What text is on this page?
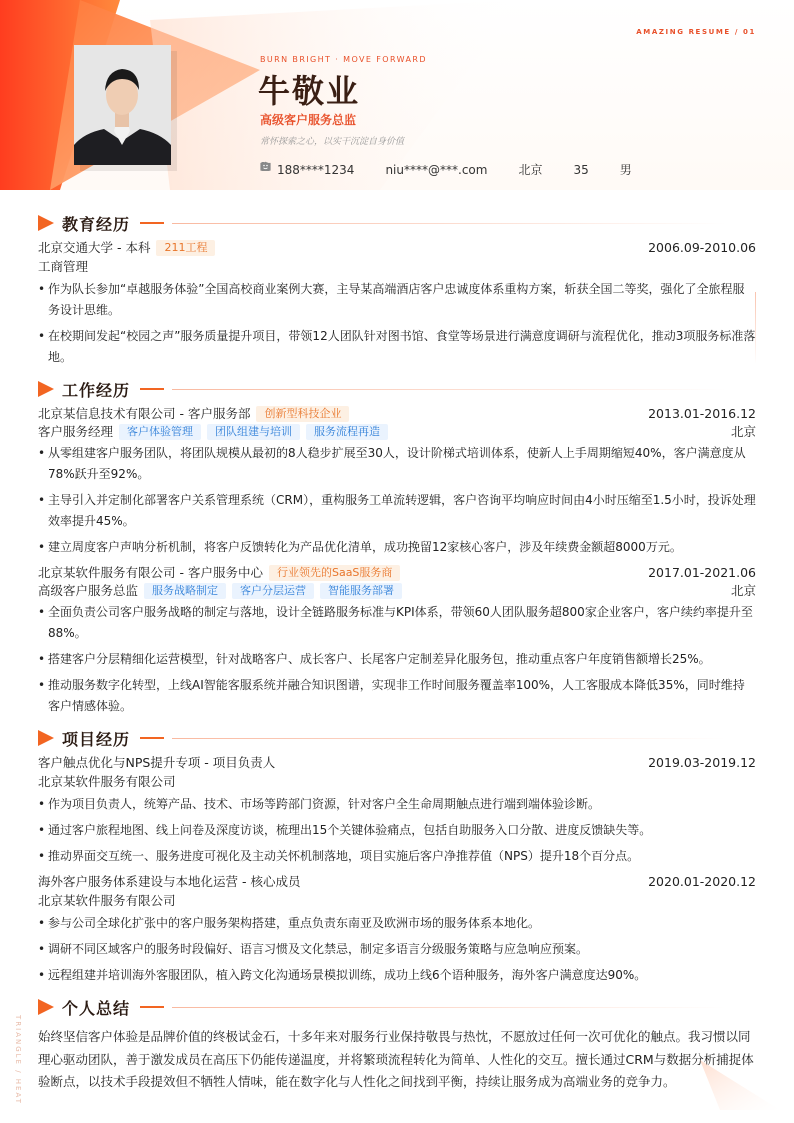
AMAZING RESUME / 01
BURN BRIGHT · MOVE FORWARD
牛敬业
高级客户服务总监
常怀探索之心，以实干沉淀自身价值
188****1234	niu****@***.com	北京	35	男
教育经历
北京交通大学 - 本科	211工程	2006.09-2010.06
工商管理
• 作为队长参加“卓越服务体验”全国高校商业案例大赛，主导某高端酒店客户忠诚度体系重构方案，斩获全国二等奖，强化了全旅程服务设计思维。
• 在校期间发起“校园之声”服务质量提升项目，带领12人团队针对图书馆、食堂等场景进行满意度调研与流程优化，推动3项服务标准落地。
工作经历
北京某信息技术有限公司 - 客户服务部	创新型科技企业	2013.01-2016.12
客户服务经理	客户体验管理	团队组建与培训	服务流程再造	北京
• 从零组建客户服务团队，将团队规模从最初的8人稳步扩展至30人，设计阶梯式培训体系，使新人上手周期缩短40%，客户满意度从78%跃升至92%。
• 主导引入并定制化部署客户关系管理系统（CRM），重构服务工单流转逻辑，客户咨询平均响应时间由4小时压缩至1.5小时，投诉处理效率提升45%。
• 建立周度客户声呐分析机制，将客户反馈转化为产品优化清单，成功挽留12家核心客户，涉及年续费金额超8000万元。
北京某软件服务有限公司 - 客户服务中心	行业领先的SaaS服务商	2017.01-2021.06
高级客户服务总监	服务战略制定	客户分层运营	智能服务部署	北京
• 全面负责公司客户服务战略的制定与落地，设计全链路服务标准与KPI体系，带领60人团队服务超800家企业客户，客户续约率提升至88%。
• 搭建客户分层精细化运营模型，针对战略客户、成长客户、长尾客户定制差异化服务包，推动重点客户年度销售额增长25%。
• 推动服务数字化转型，上线AI智能客服系统并融合知识图谱，实现非工作时间服务覆盖率100%，人工客服成本降低35%，同时维持客户情感体验。
项目经历
客户触点优化与NPS提升专项 - 项目负责人	2019.03-2019.12
北京某软件服务有限公司
• 作为项目负责人，统筹产品、技术、市场等跨部门资源，针对客户全生命周期触点进行端到端体验诊断。
• 通过客户旅程地图、线上问卷及深度访谈，梳理出15个关键体验痛点，包括自助服务入口分散、进度反馈缺失等。
• 推动界面交互统一、服务进度可视化及主动关怀机制落地，项目实施后客户净推荐值（NPS）提升18个百分点。
海外客户服务体系建设与本地化运营 - 核心成员	2020.01-2020.12
北京某软件服务有限公司
• 参与公司全球化扩张中的客户服务架构搭建，重点负责东南亚及欧洲市场的服务体系本地化。
• 调研不同区域客户的服务时段偏好、语言习惯及文化禁忌，制定多语言分级服务策略与应急响应预案。
• 远程组建并培训海外客服团队，植入跨文化沟通场景模拟训练，成功上线6个语种服务，海外客户满意度达90%。
个人总结
始终坚信客户体验是品牌价值的终极试金石，十多年来对服务行业保持敬畏与热忱，不愿放过任何一次可优化的触点。我习惯以同理心驱动团队，善于激发成员在高压下仍能传递温度，并将繁琐流程转化为简单、人性化的交互。擅长通过CRM与数据分析捕捉体验断点，以技术手段提效但不牺牲人情味，能在数字化与人性化之间找到平衡，持续让服务成为高端业务的竞争力。
TRIANGLE / HEAT
